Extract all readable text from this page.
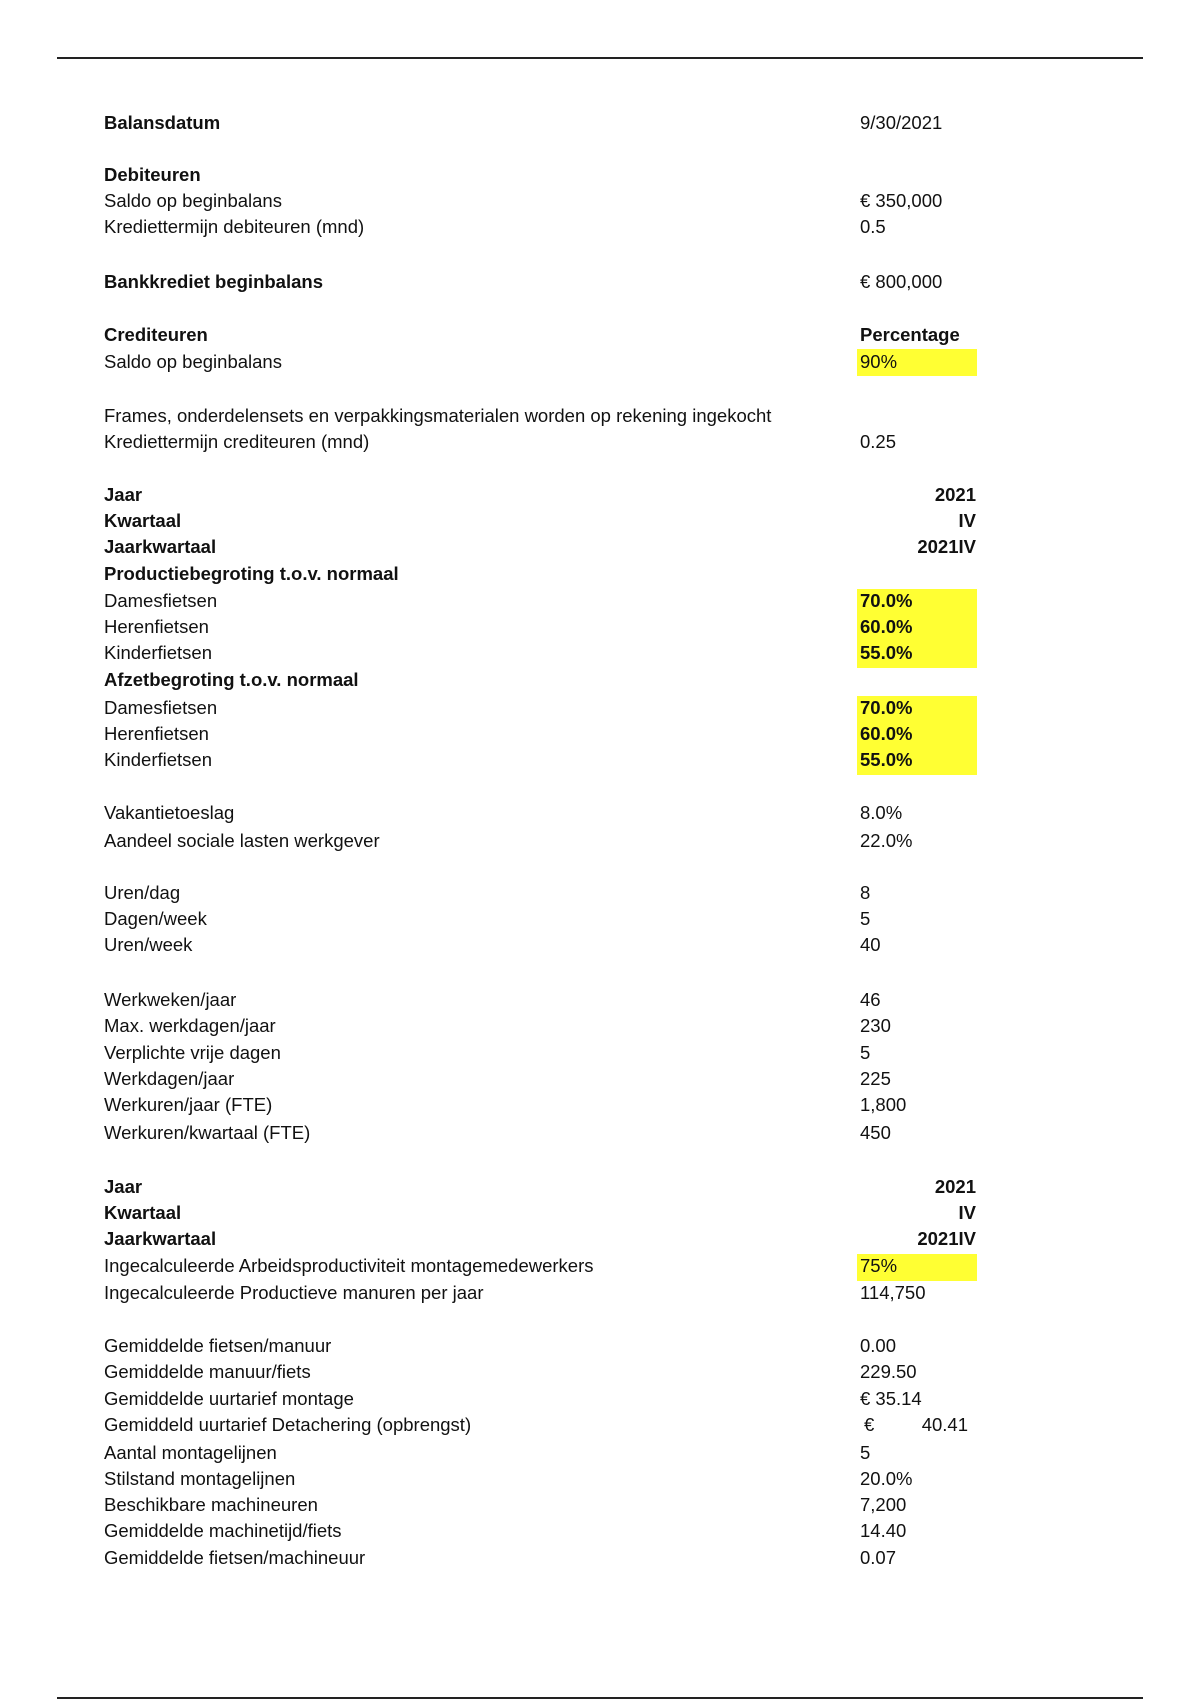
Balansdatum	9/30/2021
Debiteuren
Saldo op beginbalans	€ 350,000
Krediettermijn debiteuren (mnd)	0.5
Bankkrediet beginbalans	€ 800,000
Crediteuren	Percentage
Saldo op beginbalans	90%
Frames, onderdelensets en verpakkingsmaterialen worden op rekening ingekocht
Krediettermijn crediteuren (mnd)	0.25
Jaar	2021
Kwartaal	IV
Jaarkwartaal	2021IV
Productiebegroting t.o.v. normaal
Damesfietsen	70.0%
Herenfietsen	60.0%
Kinderfietsen	55.0%
Afzetbegroting t.o.v. normaal
Damesfietsen	70.0%
Herenfietsen	60.0%
Kinderfietsen	55.0%
Vakantietoeslag	8.0%
Aandeel sociale lasten werkgever	22.0%
Uren/dag	8
Dagen/week	5
Uren/week	40
Werkweken/jaar	46
Max. werkdagen/jaar	230
Verplichte vrije dagen	5
Werkdagen/jaar	225
Werkuren/jaar (FTE)	1,800
Werkuren/kwartaal (FTE)	450
Jaar	2021
Kwartaal	IV
Jaarkwartaal	2021IV
Ingecalculeerde Arbeidsproductiviteit montagemedewerkers	75%
Ingecalculeerde Productieve manuren per jaar	114,750
Gemiddelde fietsen/manuur	0.00
Gemiddelde manuur/fiets	229.50
Gemiddelde uurtarief montage	€ 35.14
Gemiddeld uurtarief Detachering (opbrengst)	€	40.41
Aantal montagelijnen	5
Stilstand montagelijnen	20.0%
Beschikbare machineuren	7,200
Gemiddelde machinetijd/fiets	14.40
Gemiddelde fietsen/machineuur	0.07
